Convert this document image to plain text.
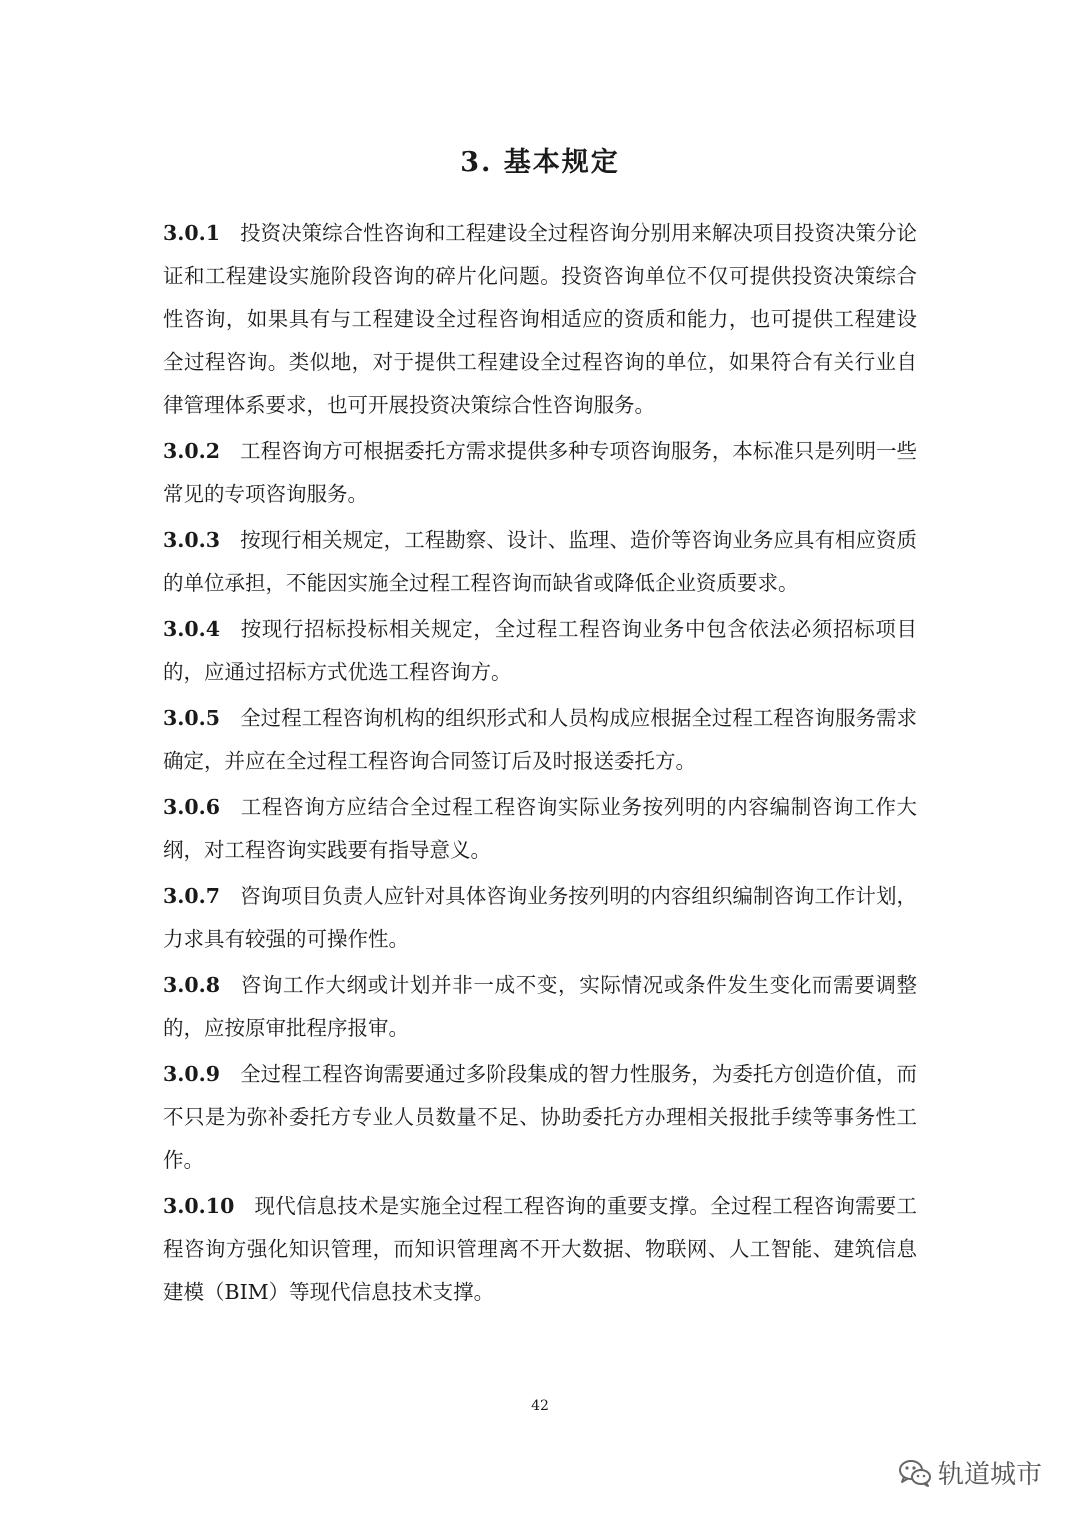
3. 基本规定

3.0.1 投资决策综合性咨询和工程建设全过程咨询分别用来解决项目投资决策分论证和工程建设实施阶段咨询的碎片化问题。投资咨询单位不仅可提供投资决策综合性咨询，如果具有与工程建设全过程咨询相适应的资质和能力，也可提供工程建设全过程咨询。类似地，对于提供工程建设全过程咨询的单位，如果符合有关行业自律管理体系要求，也可开展投资决策综合性咨询服务。

3.0.2 工程咨询方可根据委托方需求提供多种专项咨询服务，本标准只是列明一些常见的专项咨询服务。

3.0.3 按现行相关规定，工程勘察、设计、监理、造价等咨询业务应具有相应资质的单位承担，不能因实施全过程工程咨询而缺省或降低企业资质要求。

3.0.4 按现行招标投标相关规定，全过程工程咨询业务中包含依法必须招标项目的，应通过招标方式优选工程咨询方。

3.0.5 全过程工程咨询机构的组织形式和人员构成应根据全过程工程咨询服务需求确定，并应在全过程工程咨询合同签订后及时报送委托方。

3.0.6 工程咨询方应结合全过程工程咨询实际业务按列明的内容编制咨询工作大纲，对工程咨询实践要有指导意义。

3.0.7 咨询项目负责人应针对具体咨询业务按列明的内容组织编制咨询工作计划，力求具有较强的可操作性。

3.0.8 咨询工作大纲或计划并非一成不变，实际情况或条件发生变化而需要调整的，应按原审批程序报审。

3.0.9 全过程工程咨询需要通过多阶段集成的智力性服务，为委托方创造价值，而不只是为弥补委托方专业人员数量不足、协助委托方办理相关报批手续等事务性工作。

3.0.10 现代信息技术是实施全过程工程咨询的重要支撑。全过程工程咨询需要工程咨询方强化知识管理，而知识管理离不开大数据、物联网、人工智能、建筑信息建模（BIM）等现代信息技术支撑。

42
轨道城市
